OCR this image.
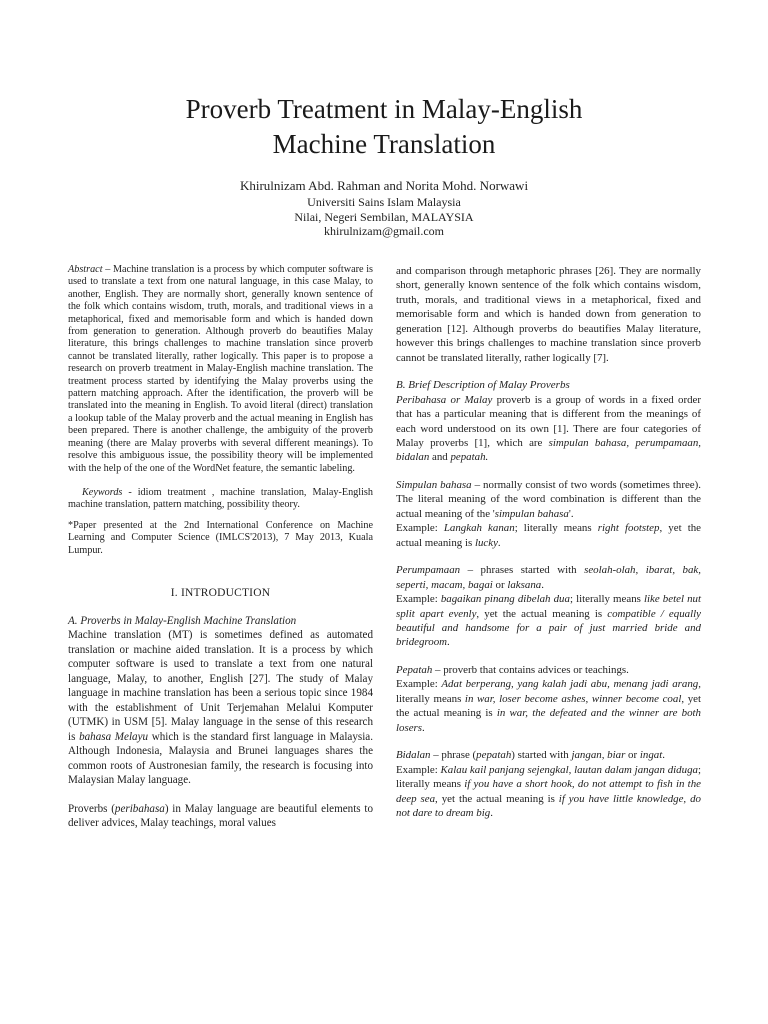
Proverb Treatment in Malay-English
Machine Translation
Khirulnizam Abd. Rahman and Norita Mohd. Norwawi
Universiti Sains Islam Malaysia
Nilai, Negeri Sembilan, MALAYSIA
khirulnizam@gmail.com

Abstract – Machine translation is a process by which computer software is used to translate a text from one natural language, in this case Malay, to another, English. They are normally short, generally known sentence of the folk which contains wisdom, truth, morals, and traditional views in a metaphorical, fixed and memorisable form and which is handed down from generation to generation. Although proverb do beautifies Malay literature, this brings challenges to machine translation since proverb cannot be translated literally, rather logically. This paper is to propose a research on proverb treatment in Malay-English machine translation. The treatment process started by identifying the Malay proverbs using the pattern matching approach. After the identification, the proverb will be translated into the meaning in English. To avoid literal (direct) translation a lookup table of the Malay proverb and the actual meaning in English has been prepared. There is another challenge, the ambiguity of the proverb meaning (there are Malay proverbs with several different meanings). To resolve this ambiguous issue, the possibility theory will be implemented with the help of the one of the WordNet feature, the semantic labeling.

Keywords - idiom treatment , machine translation, Malay-English machine translation, pattern matching, possibility theory.

*Paper presented at the 2nd International Conference on Machine Learning and Computer Science (IMLCS'2013), 7 May 2013, Kuala Lumpur.

I. INTRODUCTION

A. Proverbs in Malay-English Machine Translation

Machine translation (MT) is sometimes defined as automated translation or machine aided translation. It is a process by which computer software is used to translate a text from one natural language, Malay, to another, English [27]. The study of Malay language in machine translation has been a serious topic since 1984 with the establishment of Unit Terjemahan Melalui Komputer (UTMK) in USM [5]. Malay language in the sense of this research is bahasa Melayu which is the standard first language in Malaysia. Although Indonesia, Malaysia and Brunei languages shares the common roots of Austronesian family, the research is focusing into Malaysian Malay language.

Proverbs (peribahasa) in Malay language are beautiful elements to deliver advices, Malay teachings, moral values

and comparison through metaphoric phrases [26]. They are normally short, generally known sentence of the folk which contains wisdom, truth, morals, and traditional views in a metaphorical, fixed and memorisable form and which is handed down from generation to generation [12]. Although proverbs do beautifies Malay literature, however this brings challenges to machine translation since proverb cannot be translated literally, rather logically [7].

B. Brief Description of Malay Proverbs

Peribahasa or Malay proverb is a group of words in a fixed order that has a particular meaning that is different from the meanings of each word understood on its own [1]. There are four categories of Malay proverbs [1], which are simpulan bahasa, perumpamaan, bidalan and pepatah.

Simpulan bahasa – normally consist of two words (sometimes three). The literal meaning of the word combination is different than the actual meaning of the 'simpulan bahasa'.

Example: Langkah kanan; literally means right footstep, yet the actual meaning is lucky.

Perumpamaan – phrases started with seolah-olah, ibarat, bak, seperti, macam, bagai or laksana.

Example: bagaikan pinang dibelah dua; literally means like betel nut split apart evenly, yet the actual meaning is compatible / equally beautiful and handsome for a pair of just married bride and bridegroom.

Pepatah – proverb that contains advices or teachings.

Example: Adat berperang, yang kalah jadi abu, menang jadi arang, literally means in war, loser become ashes, winner become coal, yet the actual meaning is in war, the defeated and the winner are both losers.

Bidalan – phrase (pepatah) started with jangan, biar or ingat.

Example: Kalau kail panjang sejengkal, lautan dalam jangan diduga; literally means if you have a short hook, do not attempt to fish in the deep sea, yet the actual meaning is if you have little knowledge, do not dare to dream big.
